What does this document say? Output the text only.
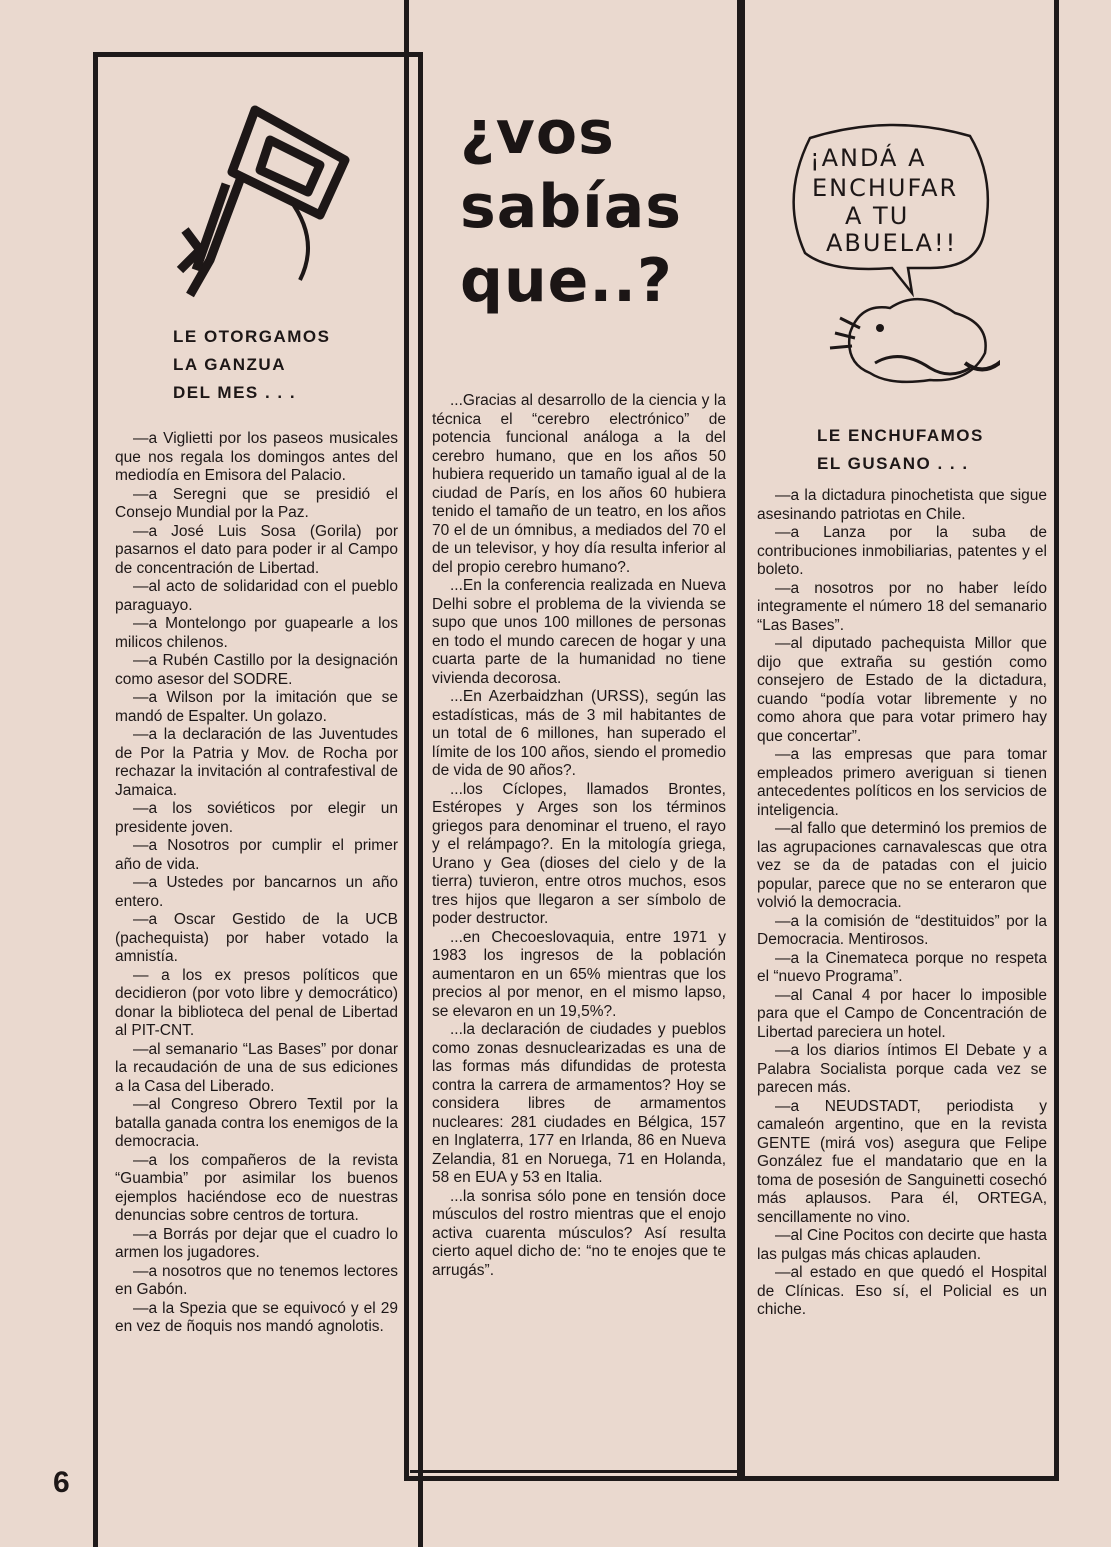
LE OTORGAMOS
LA GANZUA
DEL MES . . .

—a Viglietti por los paseos musicales que nos regala los domingos antes del mediodía en Emisora del Palacio.

—a Seregni que se presidió el Consejo Mundial por la Paz.

—a José Luis Sosa (Gorila) por pasarnos el dato para poder ir al Campo de concentración de Libertad.

—al acto de solidaridad con el pueblo paraguayo.

—a Montelongo por guapearle a los milicos chilenos.

—a Rubén Castillo por la designación como asesor del SODRE.

—a Wilson por la imitación que se mandó de Espalter. Un golazo.

—a la declaración de las Juventudes de Por la Patria y Mov. de Rocha por rechazar la invitación al contrafestival de Jamaica.

—a los soviéticos por elegir un presidente joven.

—a Nosotros por cumplir el primer año de vida.

—a Ustedes por bancarnos un año entero.

—a Oscar Gestido de la UCB (pachequista) por haber votado la amnistía.

— a los ex presos políticos que decidieron (por voto libre y democrático) donar la biblioteca del penal de Libertad al PIT-CNT.

—al semanario “Las Bases” por donar la recaudación de una de sus ediciones a la Casa del Liberado.

—al Congreso Obrero Textil por la batalla ganada contra los enemigos de la democracia.

—a los compañeros de la revista “Guambia” por asimilar los buenos ejemplos haciéndose eco de nuestras denuncias sobre centros de tortura.

—a Borrás por dejar que el cuadro lo armen los jugadores.

—a nosotros que no tenemos lectores en Gabón.

—a la Spezia que se equivocó y el 29 en vez de ñoquis nos mandó agnolotis.

¿vos
sabías
que..?

...Gracias al desarrollo de la ciencia y la técnica el “cerebro electrónico” de potencia funcional análoga a la del cerebro humano, que en los años 50 hubiera requerido un tamaño igual al de la ciudad de París, en los años 60 hubiera tenido el tamaño de un teatro, en los años 70 el de un ómnibus, a mediados del 70 el de un televisor, y hoy día resulta inferior al del propio cerebro humano?.

...En la conferencia realizada en Nueva Delhi sobre el problema de la vivienda se supo que unos 100 millones de personas en todo el mundo carecen de hogar y una cuarta parte de la humanidad no tiene vivienda decorosa.

...En Azerbaidzhan (URSS), según las estadísticas, más de 3 mil habitantes de un total de 6 millones, han superado el límite de los 100 años, siendo el promedio de vida de 90 años?.

...los Cíclopes, llamados Brontes, Estéropes y Arges son los términos griegos para denominar el trueno, el rayo y el relámpago?. En la mitología griega, Urano y Gea (dioses del cielo y de la tierra) tuvieron, entre otros muchos, esos tres hijos que llegaron a ser símbolo de poder destructor.

...en Checoeslovaquia, entre 1971 y 1983 los ingresos de la población aumentaron en un 65% mientras que los precios al por menor, en el mismo lapso, se elevaron en un 19,5%?.

...la declaración de ciudades y pueblos como zonas desnuclearizadas es una de las formas más difundidas de protesta contra la carrera de armamentos? Hoy se considera libres de armamentos nucleares: 281 ciudades en Bélgica, 157 en Inglaterra, 177 en Irlanda, 86 en Nueva Zelandia, 81 en Noruega, 71 en Holanda, 58 en EUA y 53 en Italia.

...la sonrisa sólo pone en tensión doce músculos del rostro mientras que el enojo activa cuarenta músculos? Así resulta cierto aquel dicho de: “no te enojes que te arrugás”.

¡ANDÁ A
ENCHUFAR
A TU
ABUELA!!
LE ENCHUFAMOS
EL GUSANO . . .

—a la dictadura pinochetista que sigue asesinando patriotas en Chile.

—a Lanza por la suba de contribuciones inmobiliarias, patentes y el boleto.

—a nosotros por no haber leído integramente el número 18 del semanario “Las Bases”.

—al diputado pachequista Millor que dijo que extraña su gestión como consejero de Estado de la dictadura, cuando “podía votar libremente y no como ahora que para votar primero hay que concertar”.

—a las empresas que para tomar empleados primero averiguan si tienen antecedentes políticos en los servicios de inteligencia.

—al fallo que determinó los premios de las agrupaciones carnavalescas que otra vez se da de patadas con el juicio popular, parece que no se enteraron que volvió la democracia.

—a la comisión de “destituidos” por la Democracia. Mentirosos.

—a la Cinemateca porque no respeta el “nuevo Programa”.

—al Canal 4 por hacer lo imposible para que el Campo de Concentración de Libertad pareciera un hotel.

—a los diarios íntimos El Debate y a Palabra Socialista porque cada vez se parecen más.

—a NEUDSTADT, periodista y camaleón argentino, que en la revista GENTE (mirá vos) asegura que Felipe González fue el mandatario que en la toma de posesión de Sanguinetti cosechó más aplausos. Para él, ORTEGA, sencillamente no vino.

—al Cine Pocitos con decirte que hasta las pulgas más chicas aplauden.

—al estado en que quedó el Hospital de Clínicas. Eso sí, el Policial es un chiche.

6
